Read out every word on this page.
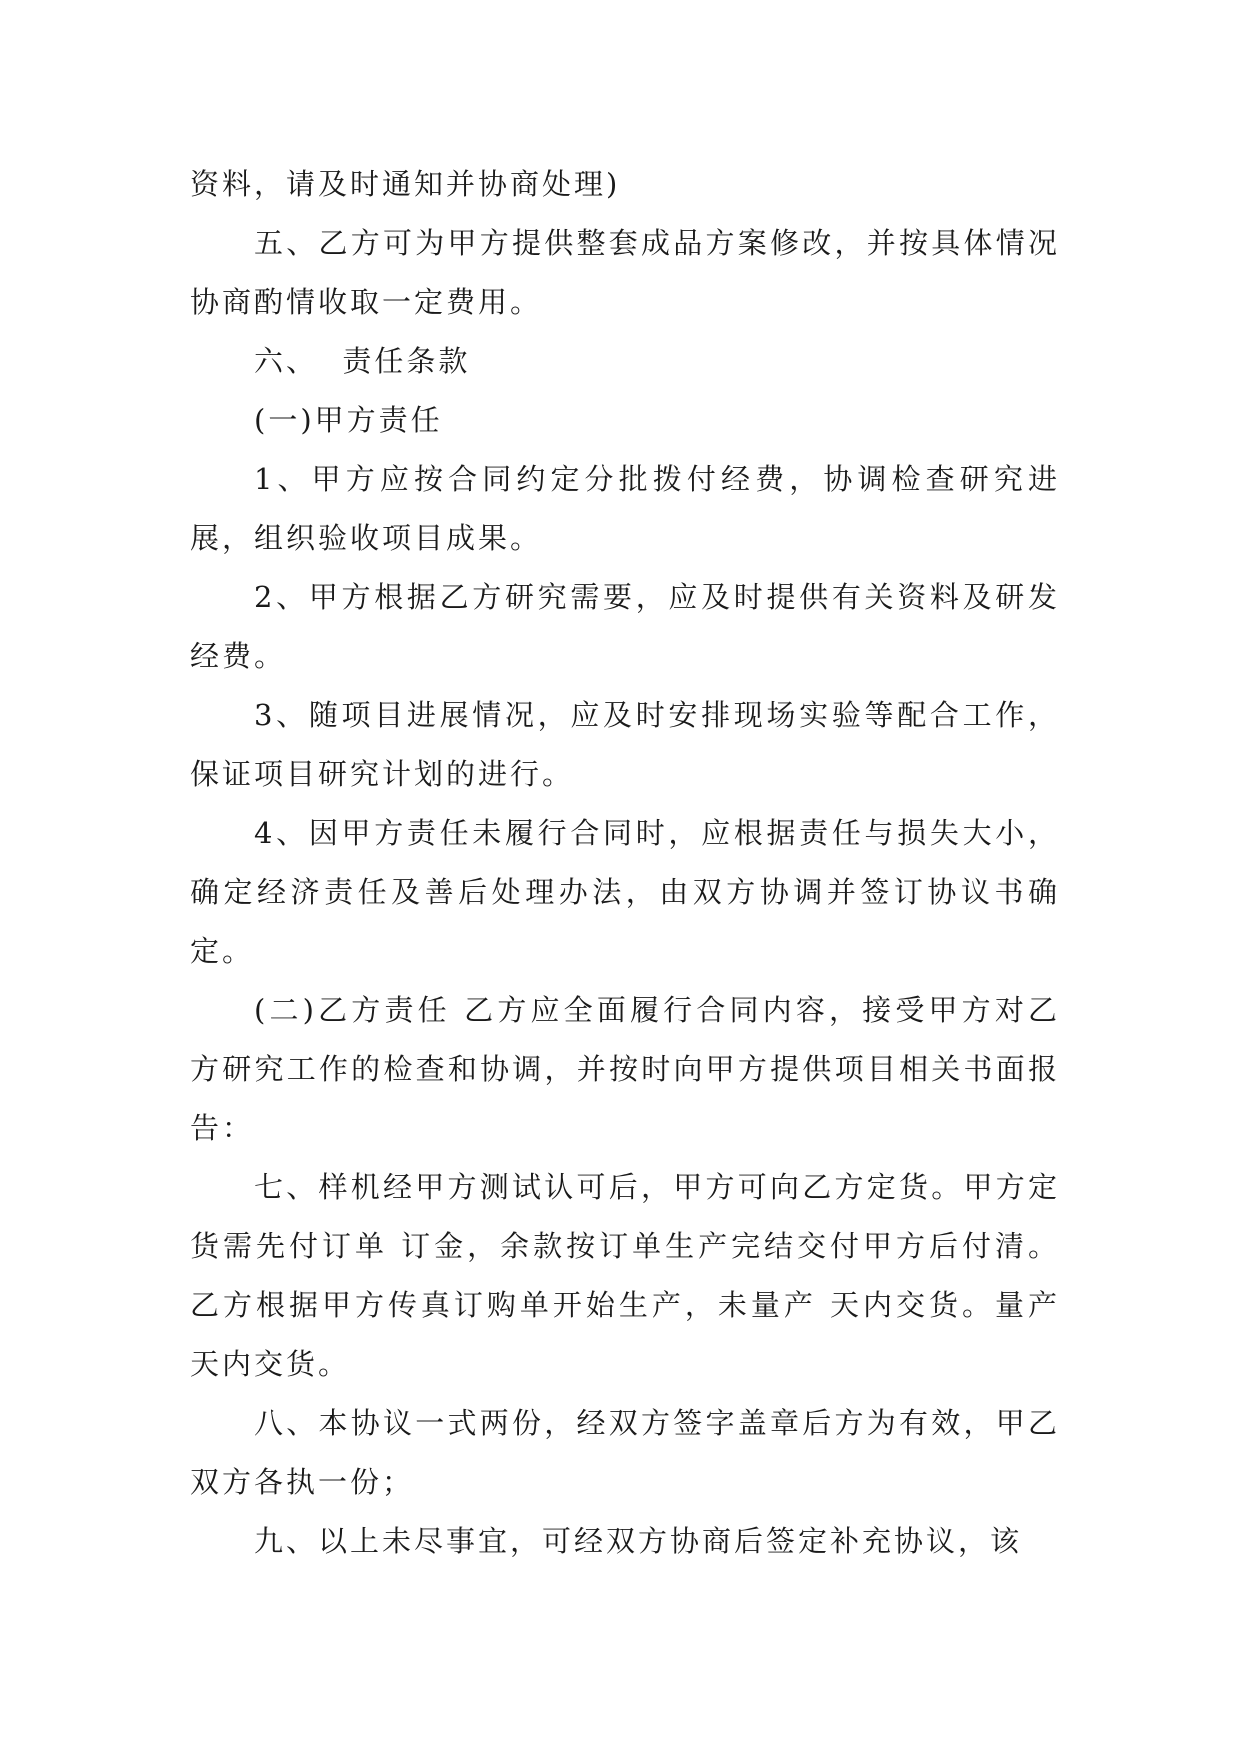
资料，请及时通知并协商处理)

五、乙方可为甲方提供整套成品方案修改，并按具体情况协商酌情收取一定费用。

六、  责任条款

(一)甲方责任

1、甲方应按合同约定分批拨付经费，协调检查研究进展，组织验收项目成果。

2、甲方根据乙方研究需要，应及时提供有关资料及研发经费。

3、随项目进展情况，应及时安排现场实验等配合工作，保证项目研究计划的进行。

4、因甲方责任未履行合同时，应根据责任与损失大小，确定经济责任及善后处理办法，由双方协调并签订协议书确定。

(二)乙方责任 乙方应全面履行合同内容，接受甲方对乙方研究工作的检查和协调，并按时向甲方提供项目相关书面报告：

七、样机经甲方测试认可后，甲方可向乙方定货。甲方定货需先付订单 订金，余款按订单生产完结交付甲方后付清。乙方根据甲方传真订购单开始生产，未量产 天内交货。量产 天内交货。

八、本协议一式两份，经双方签字盖章后方为有效，甲乙双方各执一份；

九、以上未尽事宜，可经双方协商后签定补充协议，该
